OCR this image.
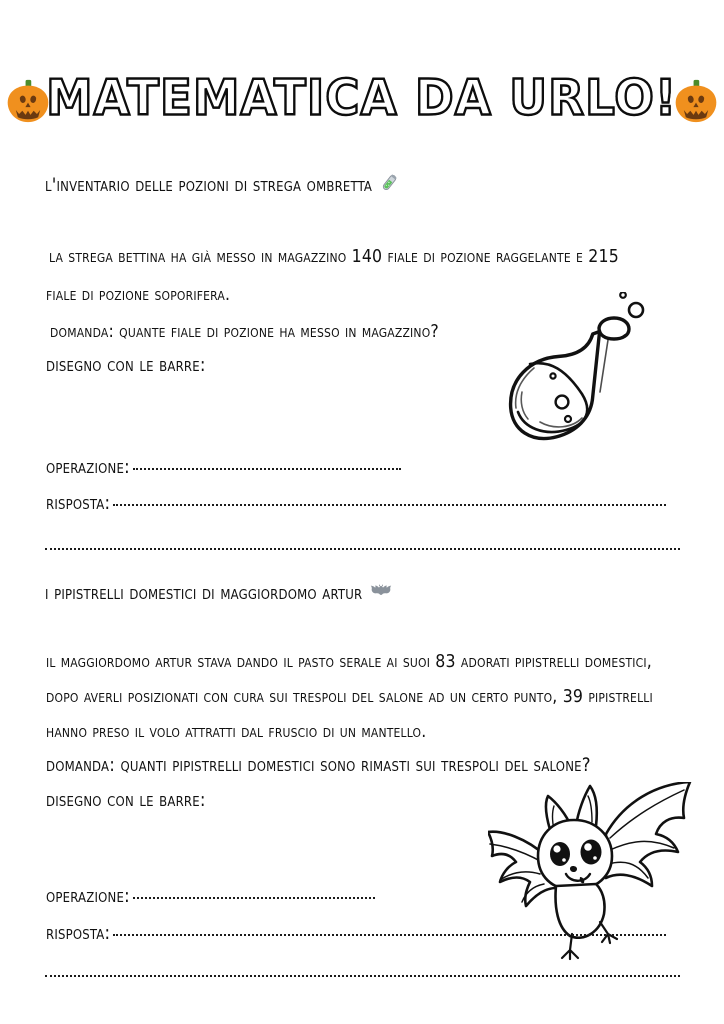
MATEMATICA DA URLO!
l'inventario delle pozioni di strega ombretta
la strega bettina ha già messo in magazzino 140 fiale di pozione raggelante e 215
fiale di pozione soporifera.
domanda: quante fiale di pozione ha messo in magazzino?
disegno con le barre:
operazione:
risposta:
i pipistrelli domestici di maggiordomo artur
il maggiordomo artur stava dando il pasto serale ai suoi 83 adorati pipistrelli domestici,
dopo averli posizionati con cura sui trespoli del salone ad un certo punto, 39 pipistrelli
hanno preso il volo attratti dal fruscio di un mantello.
domanda: quanti pipistrelli domestici sono rimasti sui trespoli del salone?
disegno con le barre:
operazione:
risposta:
